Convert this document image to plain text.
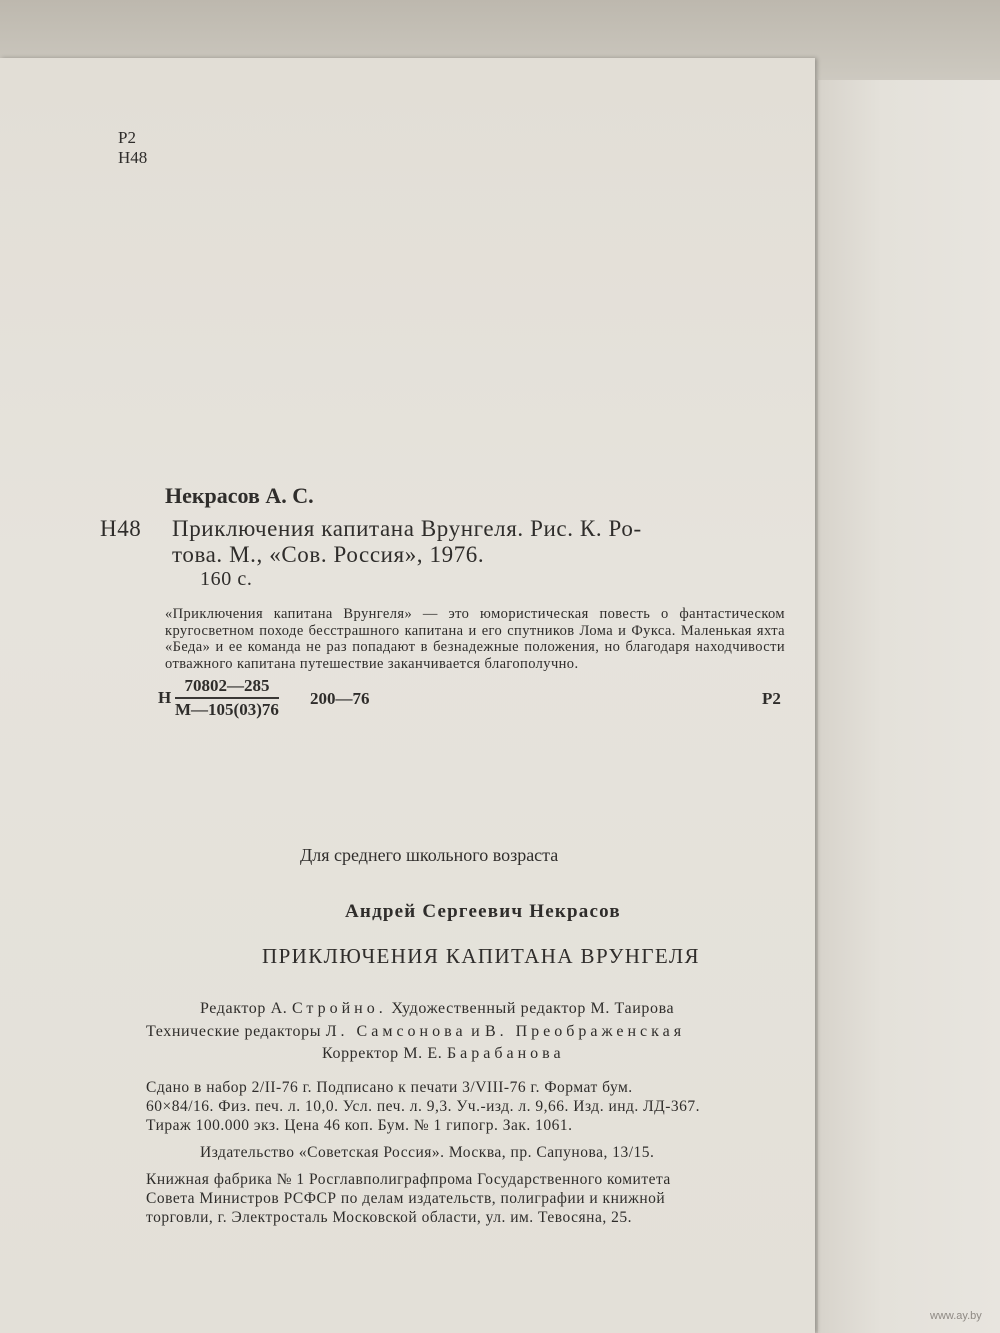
Р2
Н48
Некрасов А. С.
Н48 Приключения капитана Врунгеля. Рис. К. Ро-
това. М., «Сов. Россия», 1976.
160 с.
«Приключения капитана Врунгеля» — это юмористическая повесть о фантастическом кругосветном походе бесстрашного капитана и его спутников Лома и Фукса. Маленькая яхта «Беда» и ее команда не раз попадают в безнадежные положения, но благодаря находчивости отважного капитана путешествие заканчивается благополучно.
Н
70802—285
М—105(03)76
200—76	Р2
Для среднего школьного возраста
Андрей Сергеевич Некрасов
ПРИКЛЮЧЕНИЯ КАПИТАНА ВРУНГЕЛЯ
Редактор А. Стройно. Художественный редактор М. Таирова
Технические редакторы Л. Самсонова и В. Преображенская
Корректор М. Е. Барабанова
Сдано в набор 2/II-76 г. Подписано к печати 3/VIII-76 г. Формат бум.
60×84/16. Физ. печ. л. 10,0. Усл. печ. л. 9,3. Уч.-изд. л. 9,66. Изд. инд. ЛД-367.
Тираж 100.000 экз. Цена 46 коп. Бум. № 1 гипогр. Зак. 1061.
Издательство «Советская Россия». Москва, пр. Сапунова, 13/15.
Книжная фабрика № 1 Росглавполиграфпрома Государственного комитета
Совета Министров РСФСР по делам издательств, полиграфии и книжной
торговли, г. Электросталь Московской области, ул. им. Тевосяна, 25.
www.ay.by
